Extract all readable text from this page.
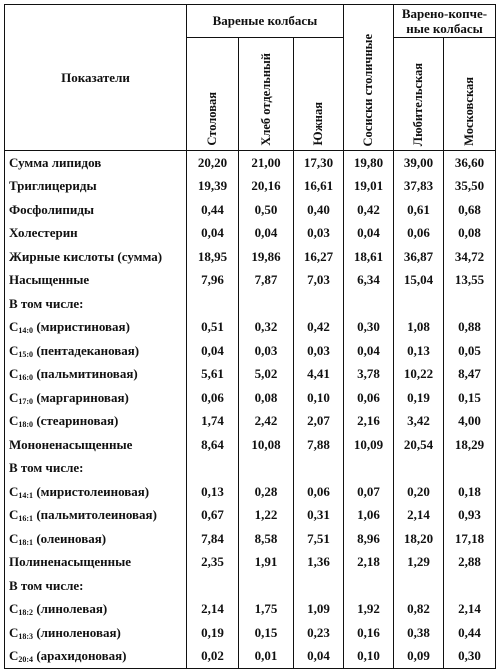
Показатели	Вареные колбасы			Сосиски столичные	Варено-копче-ные колбасы	
	Столовая	Хлеб отдельный	Южная		Любительская	Московская
Сумма липидов	20,20	21,00	17,30	19,80	39,00	36,60
Триглицериды	19,39	20,16	16,61	19,01	37,83	35,50
Фосфолипиды	0,44	0,50	0,40	0,42	0,61	0,68
Холестерин	0,04	0,04	0,03	0,04	0,06	0,08
Жирные кислоты (сумма)	18,95	19,86	16,27	18,61	36,87	34,72
Насыщенные	7,96	7,87	7,03	6,34	15,04	13,55
В том числе:						
$C_{14:0}$ (миристиновая)	0,51	0,32	0,42	0,30	1,08	0,88
$C_{15:0}$ (пентадекановая)	0,04	0,03	0,03	0,04	0,13	0,05
$C_{16:0}$ (пальмитиновая)	5,61	5,02	4,41	3,78	10,22	8,47
$C_{17:0}$ (маргариновая)	0,06	0,08	0,10	0,06	0,19	0,15
$C_{18:0}$ (стеариновая)	1,74	2,42	2,07	2,16	3,42	4,00
Мононенасыщенные	8,64	10,08	7,88	10,09	20,54	18,29
В том числе:						
$C_{14:1}$ (миристолеиновая)	0,13	0,28	0,06	0,07	0,20	0,18
$C_{16:1}$ (пальмитолеиновая)	0,67	1,22	0,31	1,06	2,14	0,93
$C_{18:1}$ (олеиновая)	7,84	8,58	7,51	8,96	18,20	17,18
Полиненасыщенные	2,35	1,91	1,36	2,18	1,29	2,88
В том числе:						
$C_{18:2}$ (линолевая)	2,14	1,75	1,09	1,92	0,82	2,14
$C_{18:3}$ (линоленовая)	0,19	0,15	0,23	0,16	0,38	0,44
$C_{20:4}$ (арахидоновая)	0,02	0,01	0,04	0,10	0,09	0,30
